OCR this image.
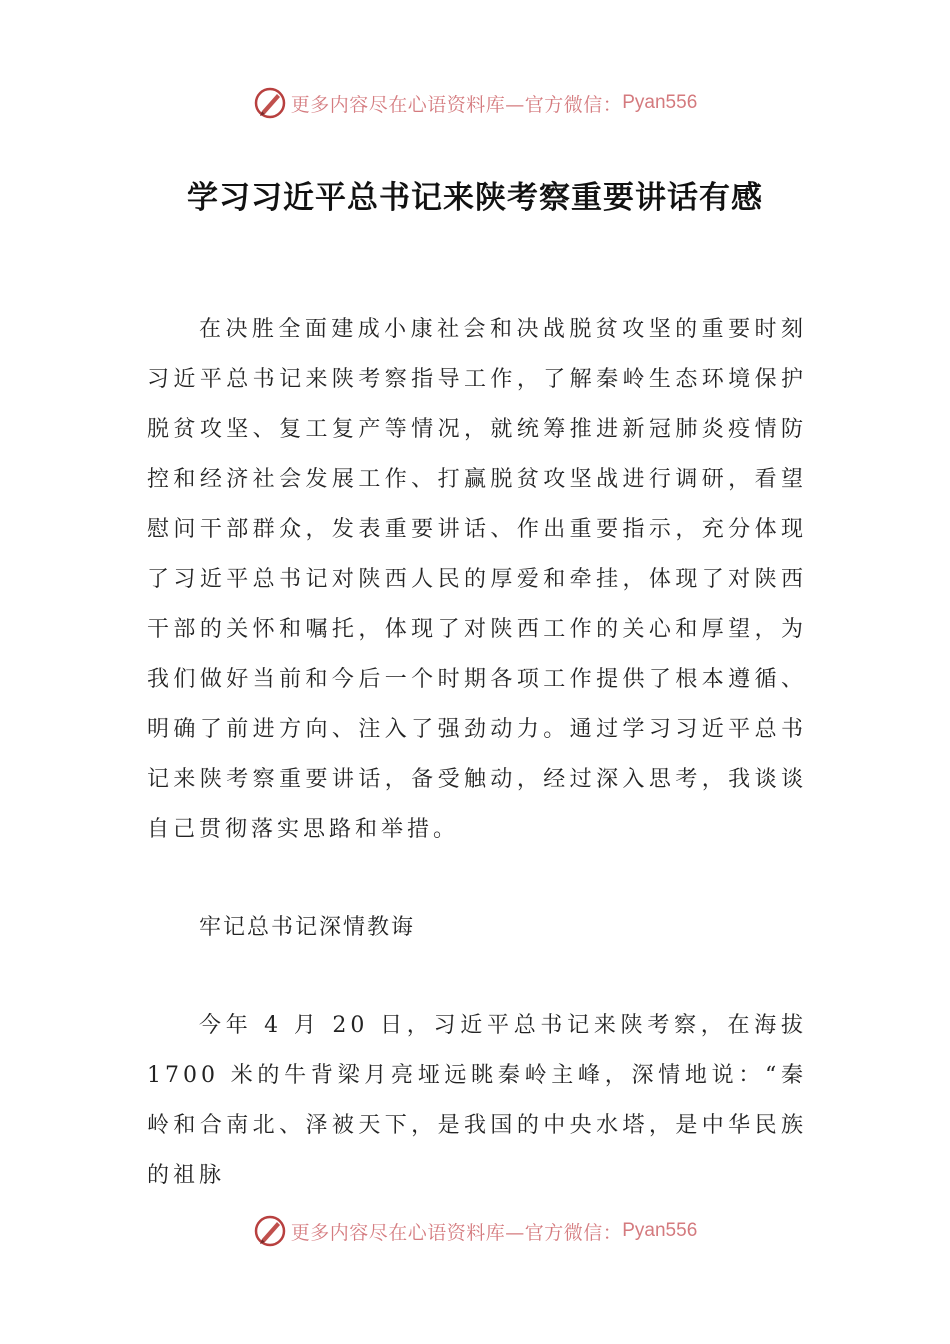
更多内容尽在心语资料库—官方微信： Pyan556
学习习近平总书记来陕考察重要讲话有感
在决胜全面建成小康社会和决战脱贫攻坚的重要时刻习近平总书记来陕考察指导工作，了解秦岭生态环境保护脱贫攻坚、复工复产等情况，就统筹推进新冠肺炎疫情防控和经济社会发展工作、打赢脱贫攻坚战进行调研，看望慰问干部群众，发表重要讲话、作出重要指示，充分体现了习近平总书记对陕西人民的厚爱和牵挂，体现了对陕西干部的关怀和嘱托，体现了对陕西工作的关心和厚望，为我们做好当前和今后一个时期各项工作提供了根本遵循、明确了前进方向、注入了强劲动力。通过学习习近平总书记来陕考察重要讲话，备受触动，经过深入思考，我谈谈自己贯彻落实思路和举措。
牢记总书记深情教诲
今年 4 月 20 日，习近平总书记来陕考察，在海拔 1700 米的牛背梁月亮垭远眺秦岭主峰，深情地说：“秦岭和合南北、泽被天下，是我国的中央水塔，是中华民族的祖脉
更多内容尽在心语资料库—官方微信： Pyan556
